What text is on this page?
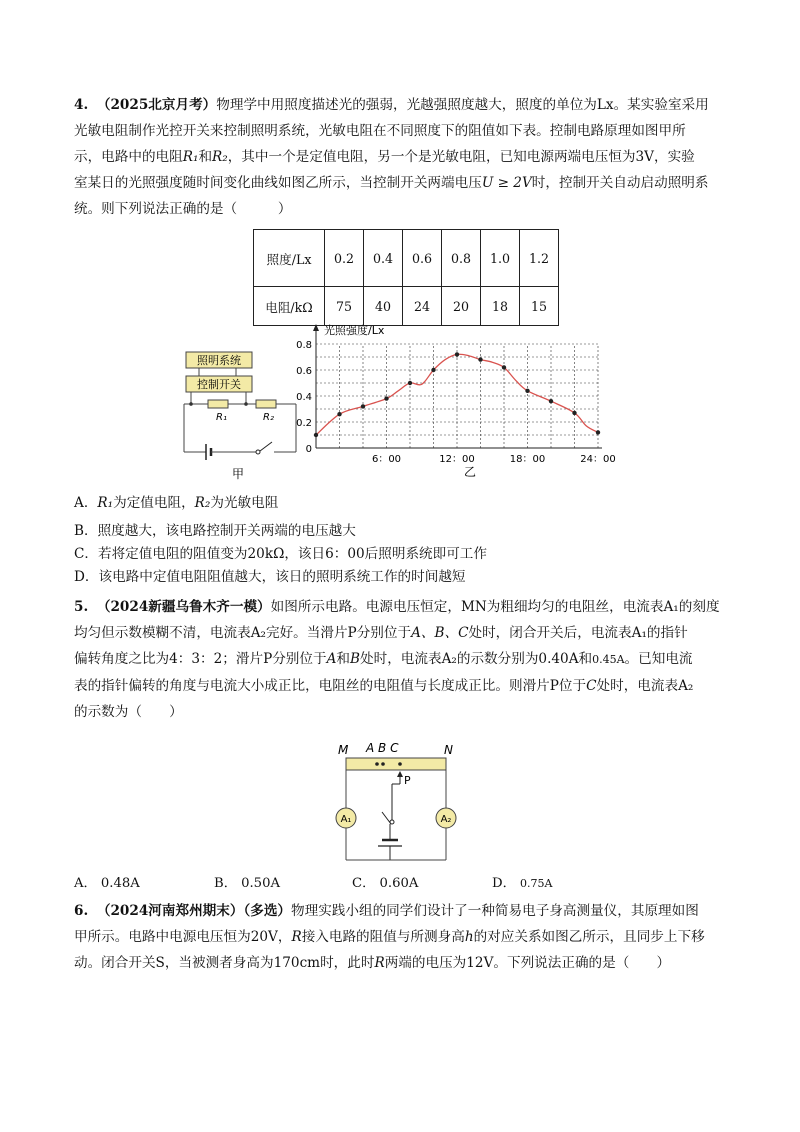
4. （2025北京月考）物理学中用照度描述光的强弱，光越强照度越大，照度的单位为Lx。某实验室采用
光敏电阻制作光控开关来控制照明系统，光敏电阻在不同照度下的阻值如下表。控制电路原理如图甲所
示，电路中的电阻R₁和R₂，其中一个是定值电阻，另一个是光敏电阻，已知电源两端电压恒为3V，实验
室某日的光照强度随时间变化曲线如图乙所示，当控制开关两端电压U ≥ 2V时，控制开关自动启动照明系
统。则下列说法正确的是（　　　）
照度/Lx	0.2	0.4	0.6	0.8	1.0	1.2
电阻/kΩ	75	40	24	20	18	15
照明系统
控制开关
R₁	R₂
甲
0
0.2
0.4
0.6
0.8
6：00	12：00	18：00	24：00
光照强度/Lx
乙
A．R₁为定值电阻，R₂为光敏电阻
B．照度越大，该电路控制开关两端的电压越大
C．若将定值电阻的阻值变为20kΩ，该日6：00后照明系统即可工作
D．该电路中定值电阻阻值越大，该日的照明系统工作的时间越短
5. （2024新疆乌鲁木齐一模）如图所示电路。电源电压恒定，MN为粗细均匀的电阻丝，电流表A₁的刻度
均匀但示数模糊不清，电流表A₂完好。当滑片P分别位于A、B、C处时，闭合开关后，电流表A₁的指针
偏转角度之比为4：3：2；滑片P分别位于A和B处时，电流表A₂的示数分别为0.40A和0.45A。已知电流
表的指针偏转的角度与电流大小成正比，电阻丝的电阻值与长度成正比。则滑片P位于C处时，电流表A₂
的示数为（　　）
M A B C	N
P
A₁	A₂
A． 0.48A	B． 0.50A	C． 0.60A	D． 0.75A
6. （2024河南郑州期末）（多选）物理实践小组的同学们设计了一种简易电子身高测量仪，其原理如图
甲所示。电路中电源电压恒为20V，R接入电路的阻值与所测身高h的对应关系如图乙所示，且同步上下移
动。闭合开关S，当被测者身高为170cm时，此时R两端的电压为12V。下列说法正确的是（　　）
